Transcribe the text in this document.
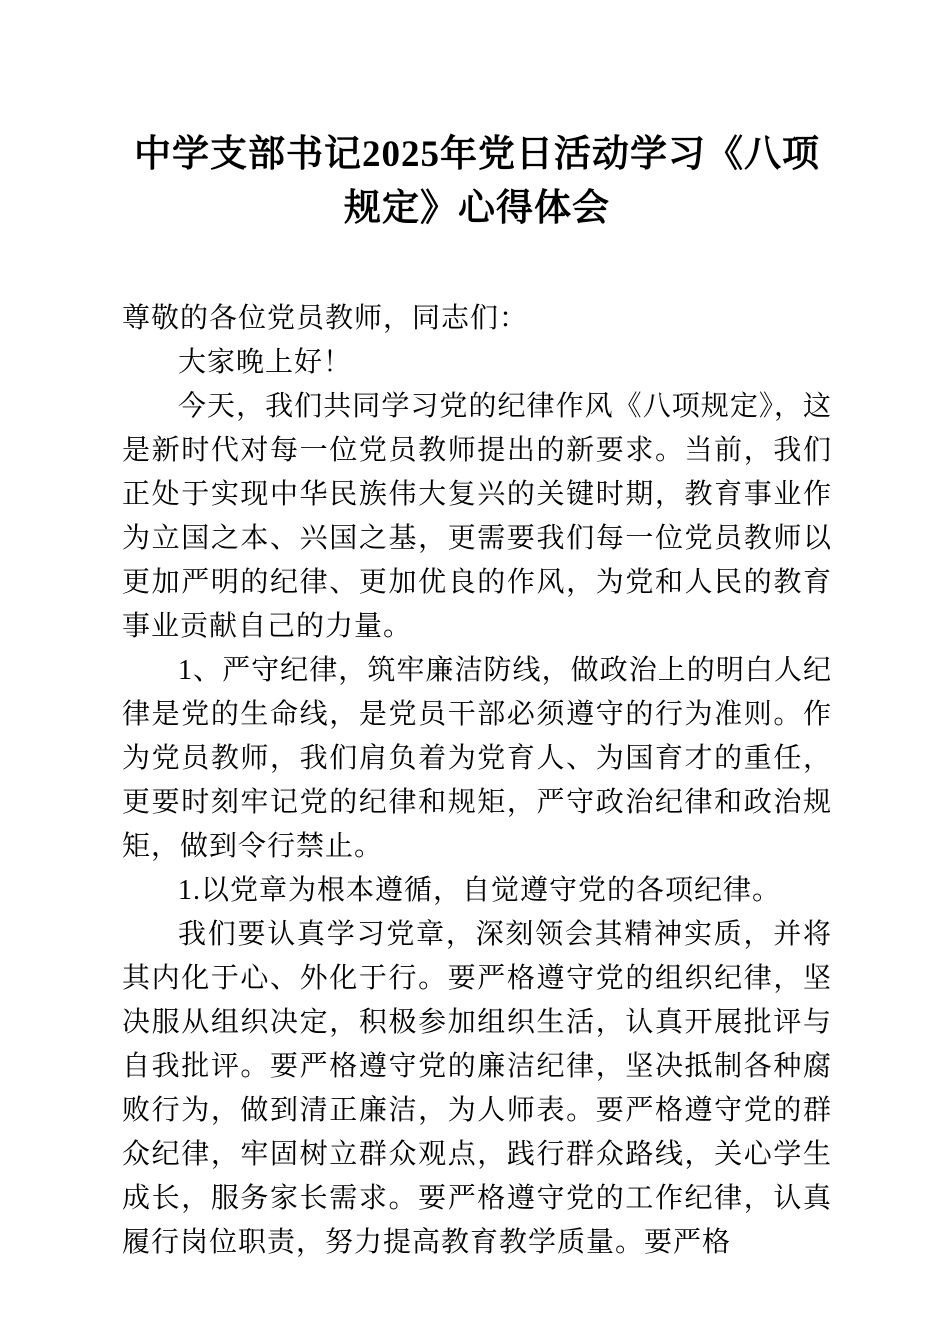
中学支部书记2025年党日活动学习《八项规定》心得体会

尊敬的各位党员教师，同志们：

大家晚上好！

今天，我们共同学习党的纪律作风《八项规定》，这是新时代对每一位党员教师提出的新要求。当前，我们正处于实现中华民族伟大复兴的关键时期，教育事业作为立国之本、兴国之基，更需要我们每一位党员教师以更加严明的纪律、更加优良的作风，为党和人民的教育事业贡献自己的力量。

1、严守纪律，筑牢廉洁防线，做政治上的明白人纪律是党的生命线，是党员干部必须遵守的行为准则。作为党员教师，我们肩负着为党育人、为国育才的重任，更要时刻牢记党的纪律和规矩，严守政治纪律和政治规矩，做到令行禁止。

1.以党章为根本遵循，自觉遵守党的各项纪律。

我们要认真学习党章，深刻领会其精神实质，并将其内化于心、外化于行。要严格遵守党的组织纪律，坚决服从组织决定，积极参加组织生活，认真开展批评与自我批评。要严格遵守党的廉洁纪律，坚决抵制各种腐败行为，做到清正廉洁，为人师表。要严格遵守党的群众纪律，牢固树立群众观点，践行群众路线，关心学生成长，服务家长需求。要严格遵守党的工作纪律，认真履行岗位职责，努力提高教育教学质量。要严格
